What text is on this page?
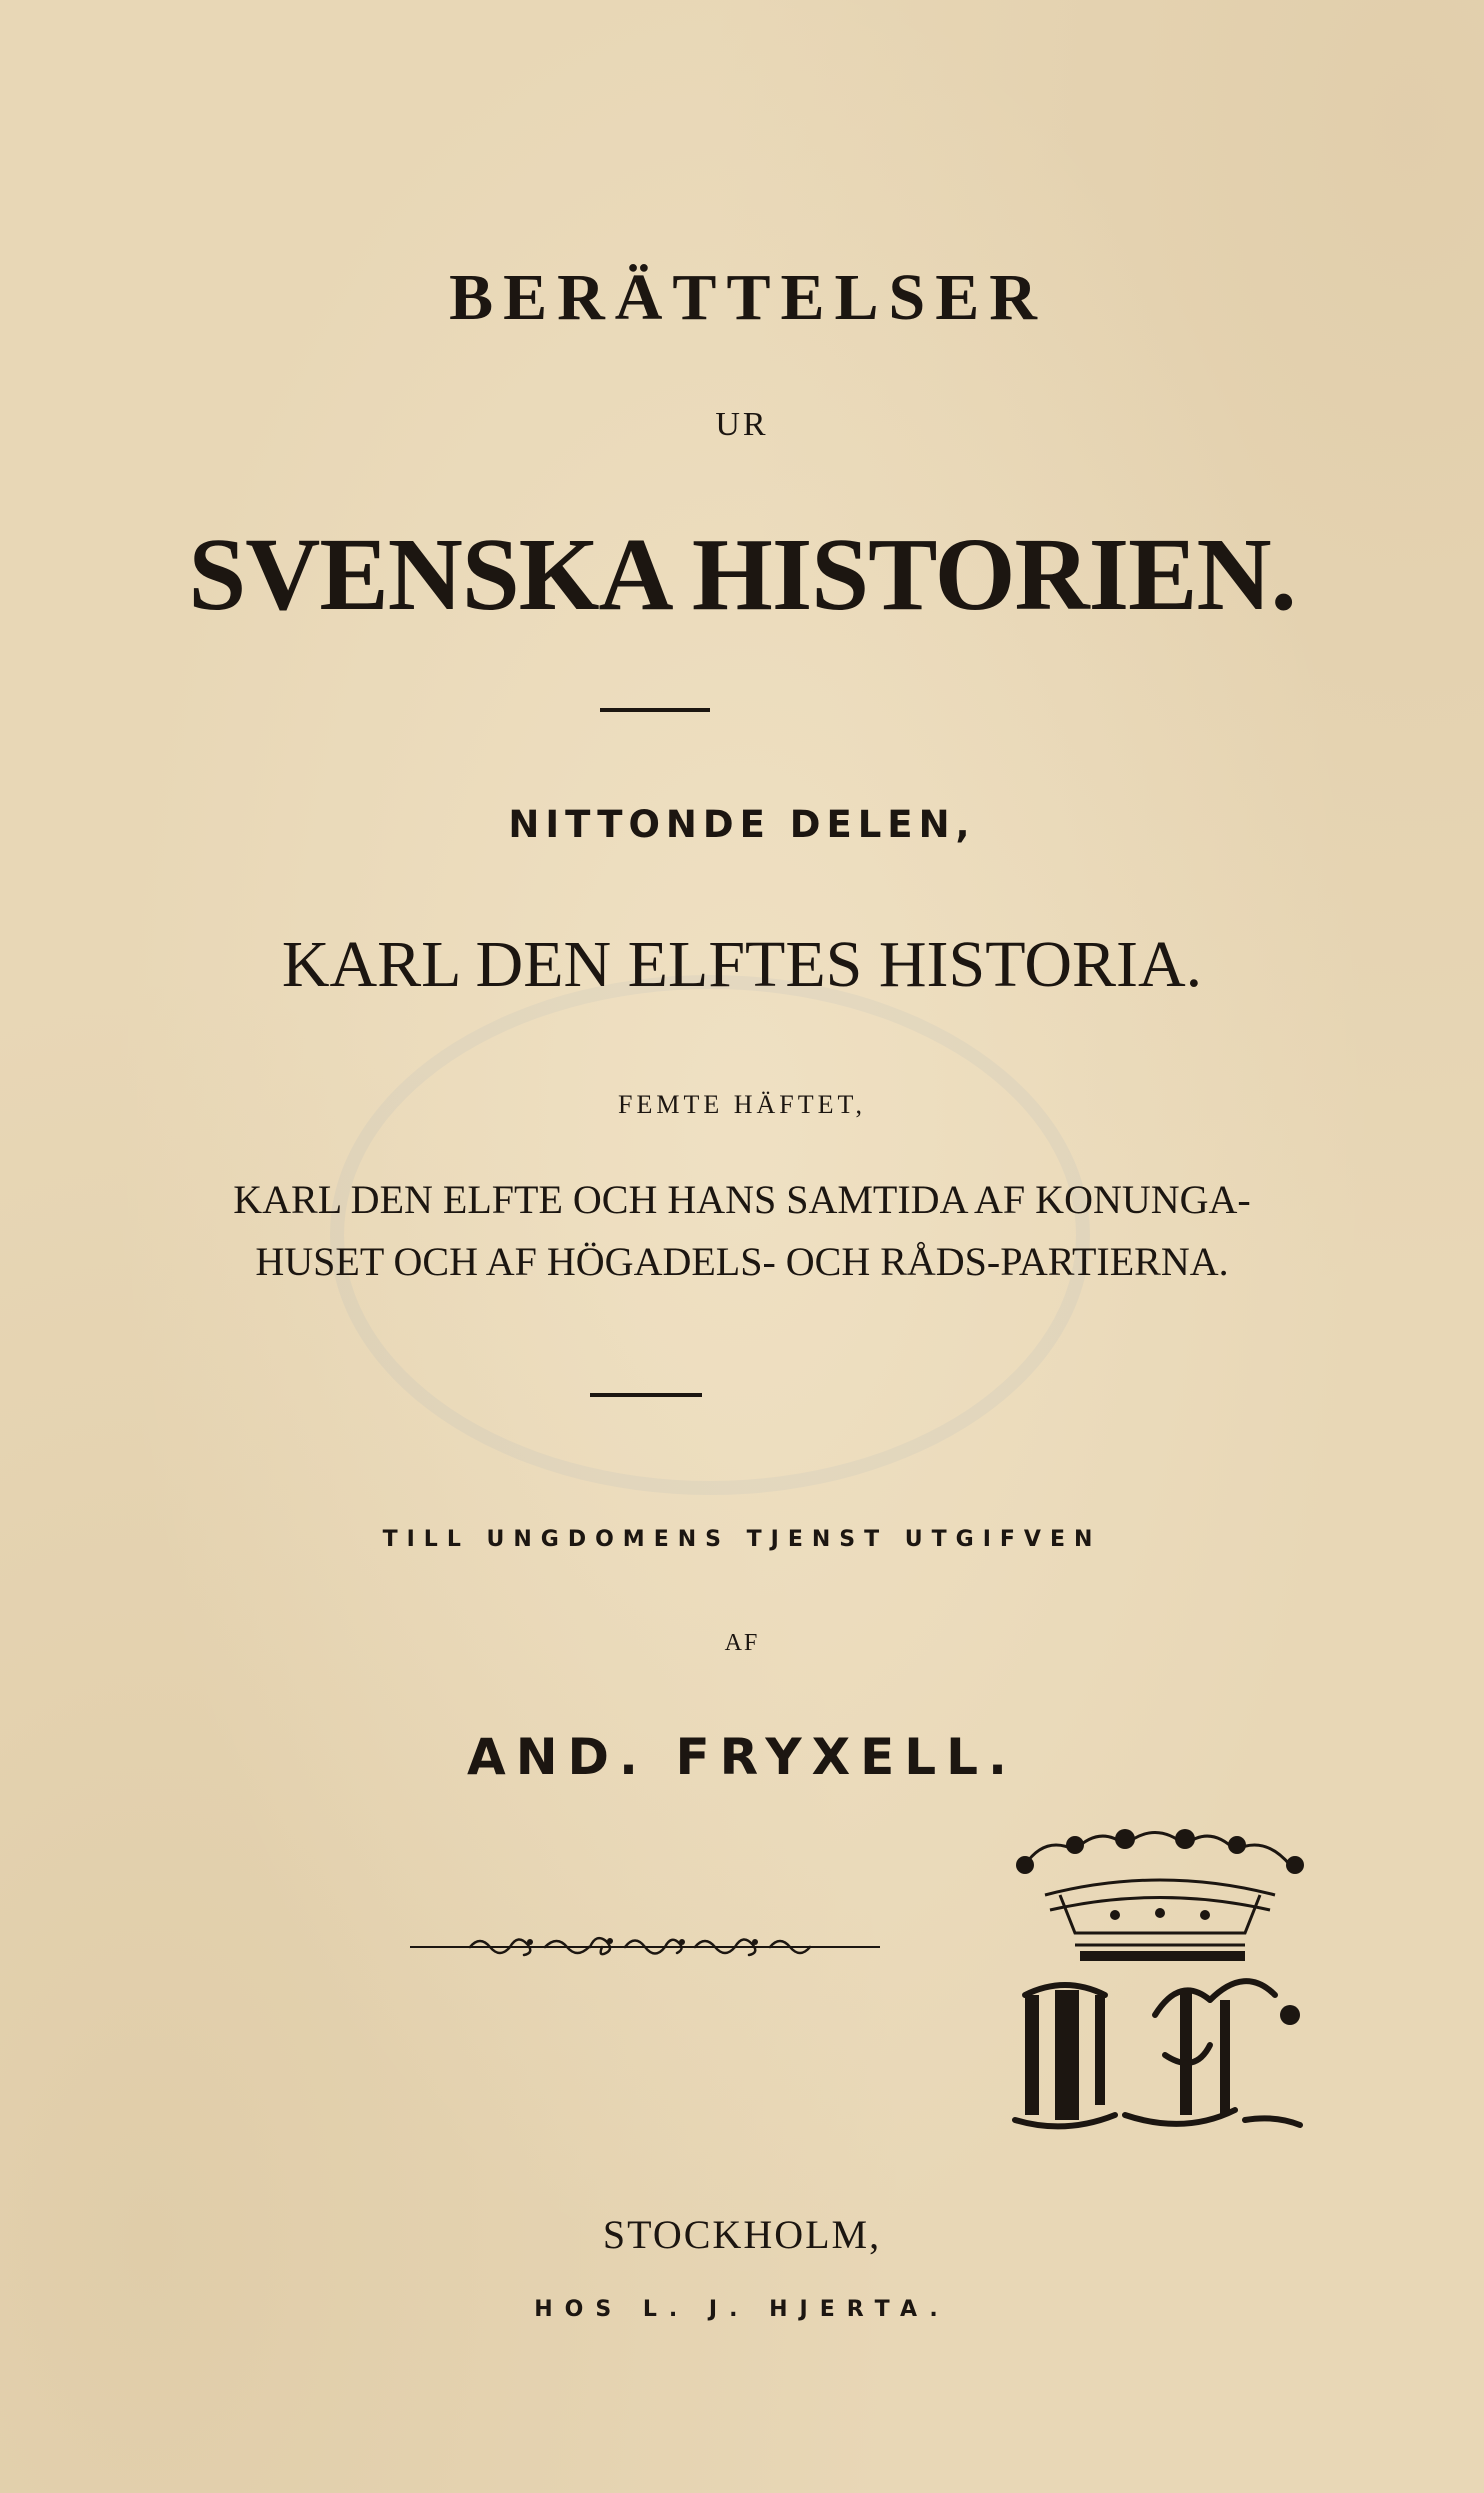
BERÄTTELSER
UR
SVENSKA HISTORIEN.
NITTONDE DELEN,
KARL DEN ELFTES HISTORIA.
FEMTE HÄFTET,
KARL DEN ELFTE OCH HANS SAMTIDA AF KONUNGA-
HUSET OCH AF HÖGADELS- OCH RÅDS-PARTIERNA.
TILL UNGDOMENS TJENST UTGIFVEN
AF
AND. FRYXELL.
STOCKHOLM,
HOS L. J. HJERTA.
